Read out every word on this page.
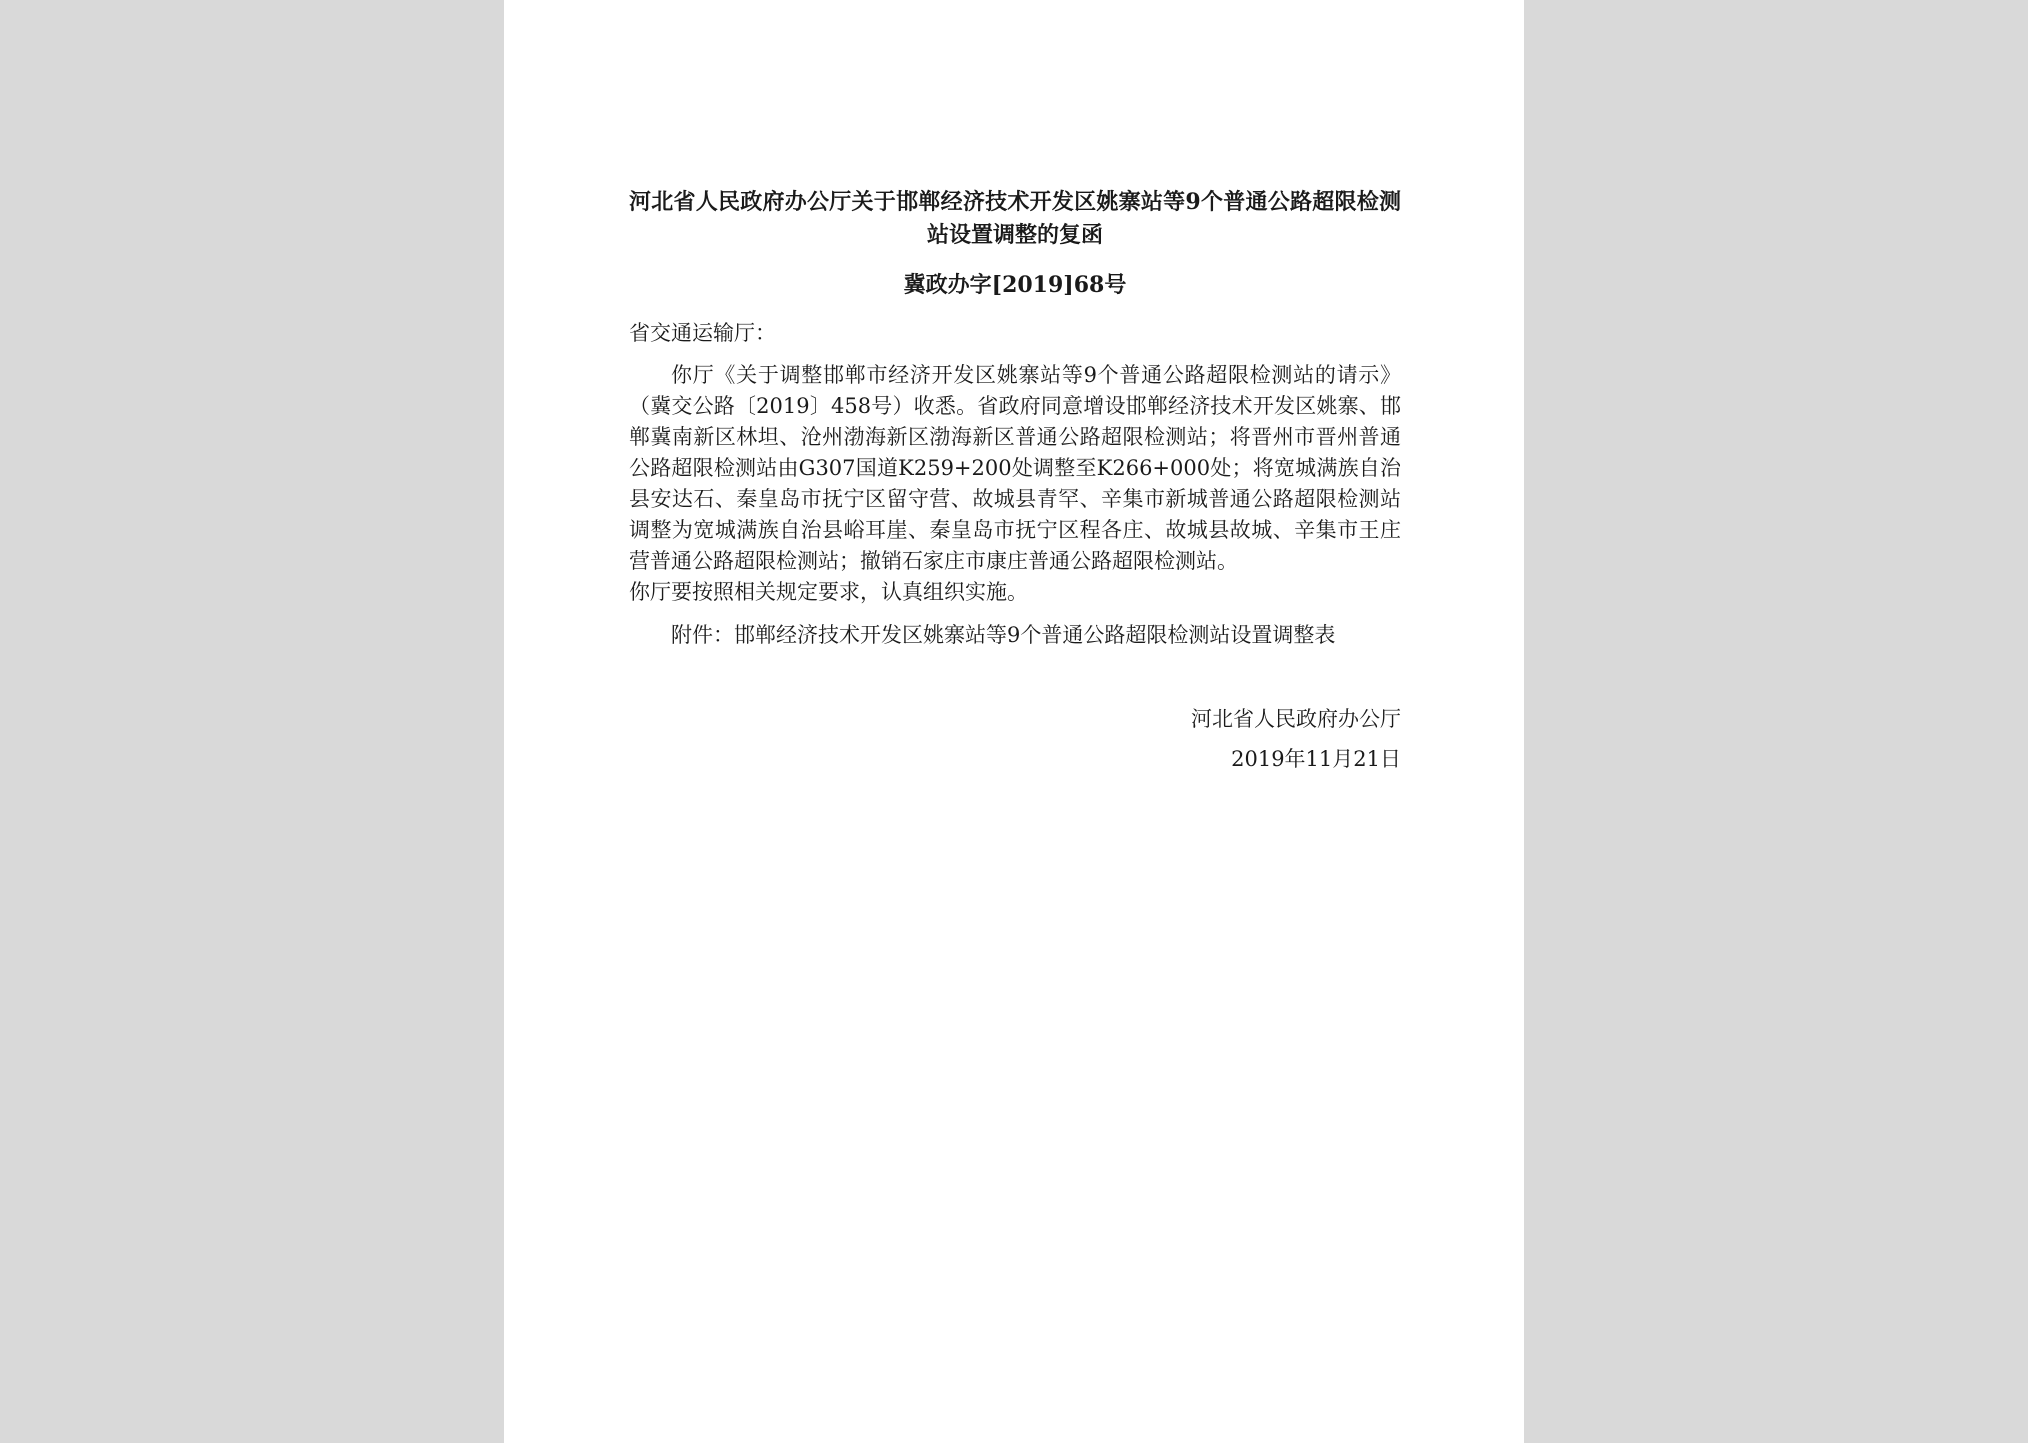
河北省人民政府办公厅关于邯郸经济技术开发区姚寨站等9个普通公路超限检测站设置调整的复函
冀政办字[2019]68号
省交通运输厅：
你厅《关于调整邯郸市经济开发区姚寨站等9个普通公路超限检测站的请示》（冀交公路〔2019〕458号）收悉。省政府同意增设邯郸经济技术开发区姚寨、邯郸冀南新区林坦、沧州渤海新区渤海新区普通公路超限检测站；将晋州市晋州普通公路超限检测站由G307国道K259+200处调整至K266+000处；将宽城满族自治县安达石、秦皇岛市抚宁区留守营、故城县青罕、辛集市新城普通公路超限检测站调整为宽城满族自治县峪耳崖、秦皇岛市抚宁区程各庄、故城县故城、辛集市王庄营普通公路超限检测站；撤销石家庄市康庄普通公路超限检测站。
你厅要按照相关规定要求，认真组织实施。
附件：邯郸经济技术开发区姚寨站等9个普通公路超限检测站设置调整表
河北省人民政府办公厅
2019年11月21日
